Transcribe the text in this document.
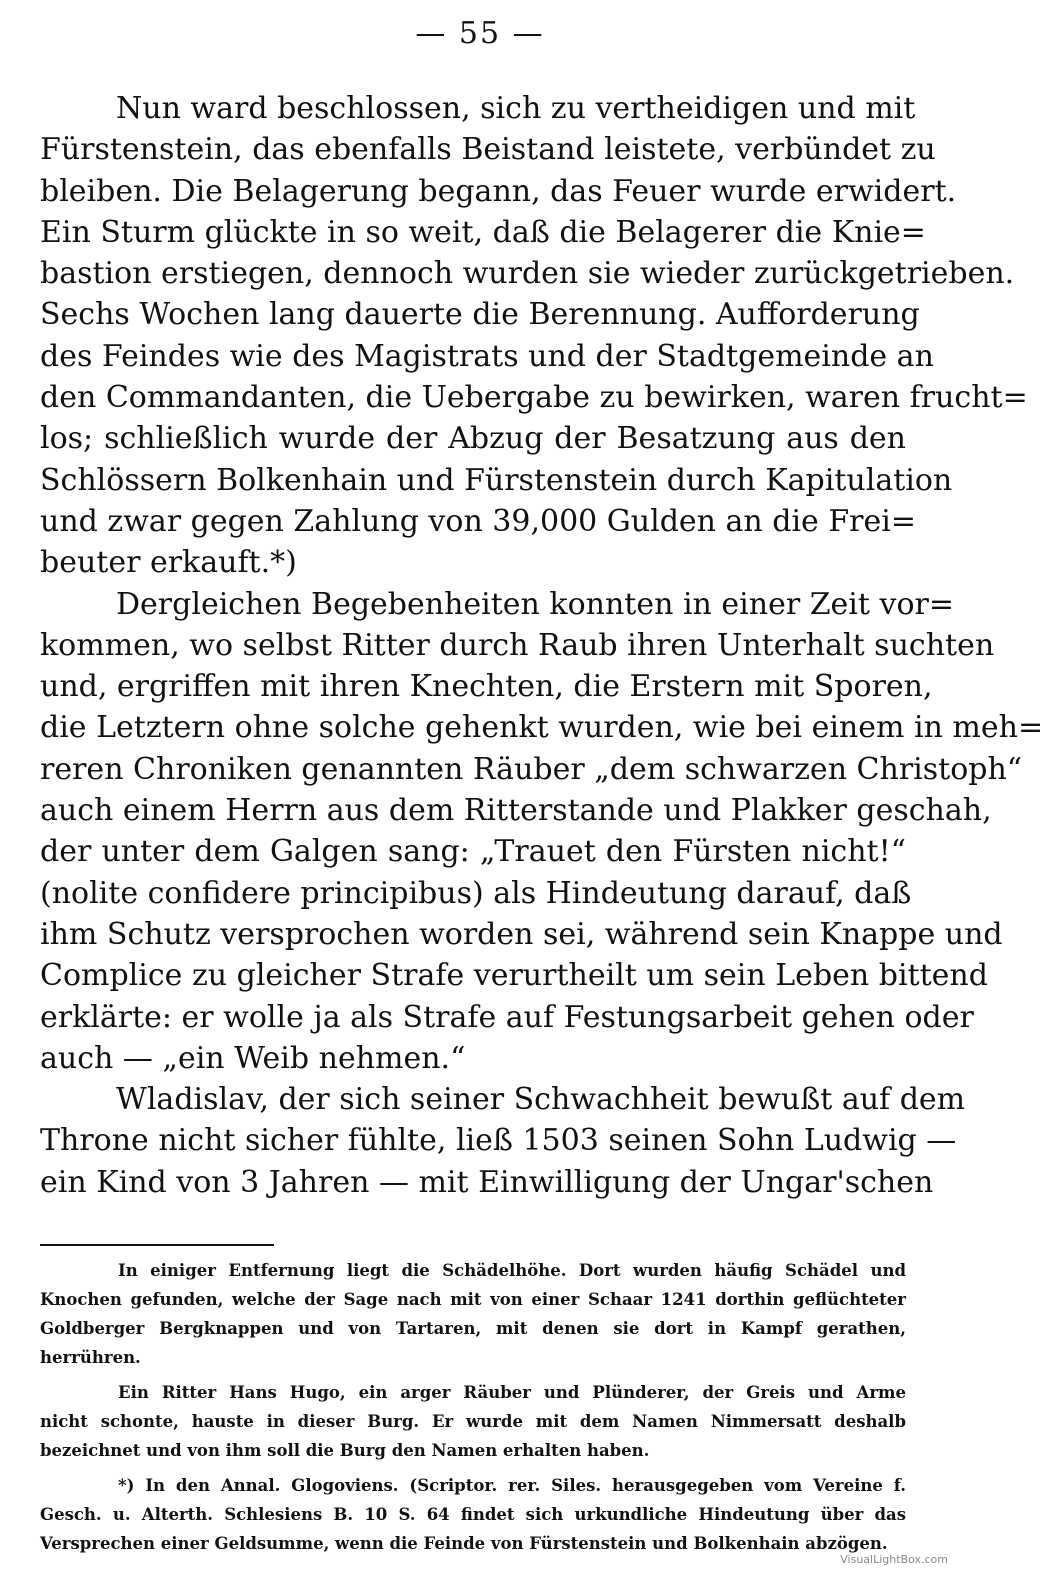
— 55 —
Nun ward beschlossen, sich zu vertheidigen und mit
Fürstenstein, das ebenfalls Beistand leistete, verbündet zu
bleiben. Die Belagerung begann, das Feuer wurde erwidert.
Ein Sturm glückte in so weit, daß die Belagerer die Knie=
bastion erstiegen, dennoch wurden sie wieder zurückgetrieben.
Sechs Wochen lang dauerte die Berennung. Aufforderung
des Feindes wie des Magistrats und der Stadtgemeinde an
den Commandanten, die Uebergabe zu bewirken, waren frucht=
los; schließlich wurde der Abzug der Besatzung aus den
Schlössern Bolkenhain und Fürstenstein durch Kapitulation
und zwar gegen Zahlung von 39,000 Gulden an die Frei=
beuter erkauft.*)
Dergleichen Begebenheiten konnten in einer Zeit vor=
kommen, wo selbst Ritter durch Raub ihren Unterhalt suchten
und, ergriffen mit ihren Knechten, die Erstern mit Sporen,
die Letztern ohne solche gehenkt wurden, wie bei einem in meh=
reren Chroniken genannten Räuber „dem schwarzen Christoph“
auch einem Herrn aus dem Ritterstande und Plakker geschah,
der unter dem Galgen sang: „Trauet den Fürsten nicht!“
(nolite confidere principibus) als Hindeutung darauf, daß
ihm Schutz versprochen worden sei, während sein Knappe und
Complice zu gleicher Strafe verurtheilt um sein Leben bittend
erklärte: er wolle ja als Strafe auf Festungsarbeit gehen oder
auch — „ein Weib nehmen.“
Wladislav, der sich seiner Schwachheit bewußt auf dem
Throne nicht sicher fühlte, ließ 1503 seinen Sohn Ludwig —
ein Kind von 3 Jahren — mit Einwilligung der Ungar'schen
In einiger Entfernung liegt die Schädelhöhe. Dort wurden häufig Schädel und
Knochen gefunden, welche der Sage nach mit von einer Schaar 1241 dorthin geflüchteter
Goldberger Bergknappen und von Tartaren, mit denen sie dort in Kampf gerathen,
herrühren.
Ein Ritter Hans Hugo, ein arger Räuber und Plünderer, der Greis und Arme
nicht schonte, hauste in dieser Burg. Er wurde mit dem Namen Nimmersatt deshalb
bezeichnet und von ihm soll die Burg den Namen erhalten haben.
*) In den Annal. Glogoviens. (Scriptor. rer. Siles. herausgegeben vom Vereine f.
Gesch. u. Alterth. Schlesiens B. 10 S. 64 findet sich urkundliche Hindeutung über das
Versprechen einer Geldsumme, wenn die Feinde von Fürstenstein und Bolkenhain abzögen.
VisualLightBox.com
